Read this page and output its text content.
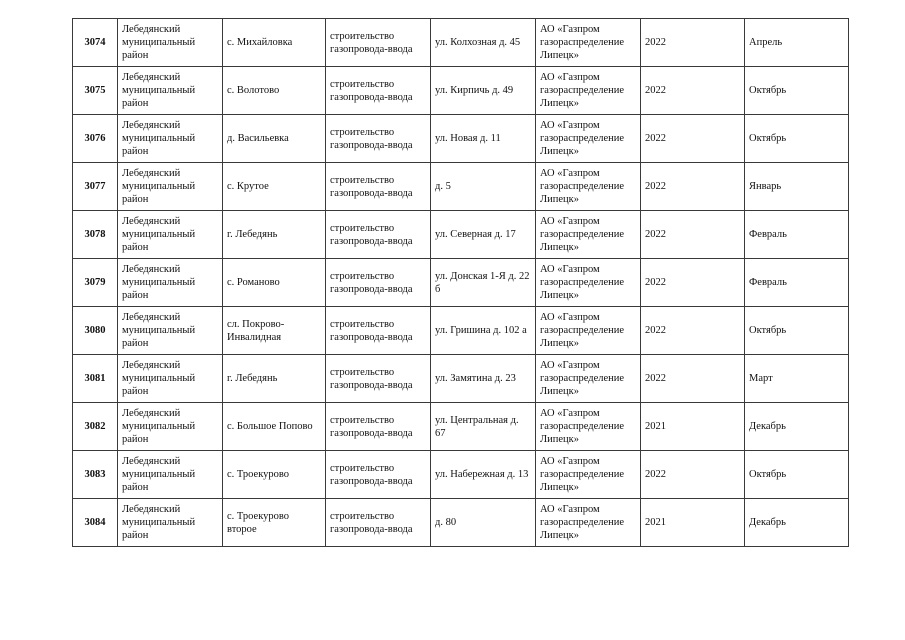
3074	Лебедянский муниципальный район	с. Михайловка	строительство газопровода-ввода	ул. Колхозная д. 45	АО «Газпром газораспределение Липецк»	2022	Апрель
3075	Лебедянский муниципальный район	с. Волотово	строительство газопровода-ввода	ул. Кирпичь д. 49	АО «Газпром газораспределение Липецк»	2022	Октябрь
3076	Лебедянский муниципальный район	д. Васильевка	строительство газопровода-ввода	ул. Новая д. 11	АО «Газпром газораспределение Липецк»	2022	Октябрь
3077	Лебедянский муниципальный район	с. Крутое	строительство газопровода-ввода	д. 5	АО «Газпром газораспределение Липецк»	2022	Январь
3078	Лебедянский муниципальный район	г. Лебедянь	строительство газопровода-ввода	ул. Северная д. 17	АО «Газпром газораспределение Липецк»	2022	Февраль
3079	Лебедянский муниципальный район	с. Романово	строительство газопровода-ввода	ул. Донская 1-Я д. 22 б	АО «Газпром газораспределение Липецк»	2022	Февраль
3080	Лебедянский муниципальный район	сл. Покрово-Инвалидная	строительство газопровода-ввода	ул. Гришина д. 102 а	АО «Газпром газораспределение Липецк»	2022	Октябрь
3081	Лебедянский муниципальный район	г. Лебедянь	строительство газопровода-ввода	ул. Замятина д. 23	АО «Газпром газораспределение Липецк»	2022	Март
3082	Лебедянский муниципальный район	с. Большое Попово	строительство газопровода-ввода	ул. Центральная д. 67	АО «Газпром газораспределение Липецк»	2021	Декабрь
3083	Лебедянский муниципальный район	с. Троекурово	строительство газопровода-ввода	ул. Набережная д. 13	АО «Газпром газораспределение Липецк»	2022	Октябрь
3084	Лебедянский муниципальный район	с. Троекурово второе	строительство газопровода-ввода	д. 80	АО «Газпром газораспределение Липецк»	2021	Декабрь
